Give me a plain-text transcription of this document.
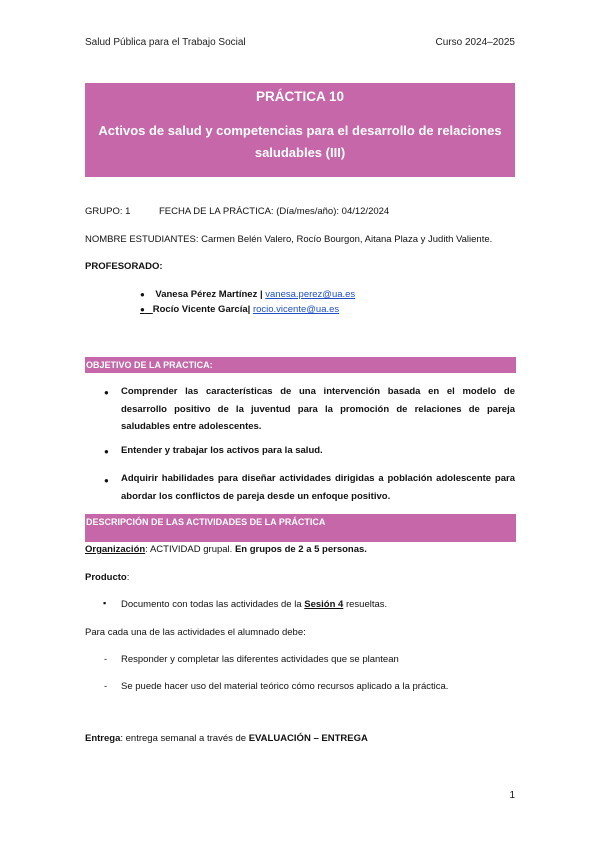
Salud Pública para el Trabajo Social	Curso 2024–2025
PRÁCTICA 10
Activos de salud y competencias para el desarrollo de relaciones
saludables (III)
GRUPO: 1	FECHA DE LA PRÁCTICA: (Día/mes/año): 04/12/2024
NOMBRE ESTUDIANTES: Carmen Belén Valero, Rocío Bourgon, Aitana Plaza y Judith Valiente.
PROFESORADO:
● Vanesa Pérez Martínez | vanesa.perez@ua.es
● Rocío Vicente García| rocio.vicente@ua.es
OBJETIVO DE LA PRACTICA:
● Comprender las características de una intervención basada en el modelo de
desarrollo positivo de la juventud para la promoción de relaciones de pareja
saludables entre adolescentes.
● Entender y trabajar los activos para la salud.
● Adquirir habilidades para diseñar actividades dirigidas a población adolescente para
abordar los conflictos de pareja desde un enfoque positivo.
DESCRIPCIÓN DE LAS ACTIVIDADES DE LA PRÁCTICA
Organización: ACTIVIDAD grupal. En grupos de 2 a 5 personas.
Producto:
▪ Documento con todas las actividades de la Sesión 4 resueltas.
Para cada una de las actividades el alumnado debe:
- Responder y completar las diferentes actividades que se plantean
- Se puede hacer uso del material teórico cómo recursos aplicado a la práctica.
Entrega: entrega semanal a través de EVALUACIÓN – ENTREGA
1
